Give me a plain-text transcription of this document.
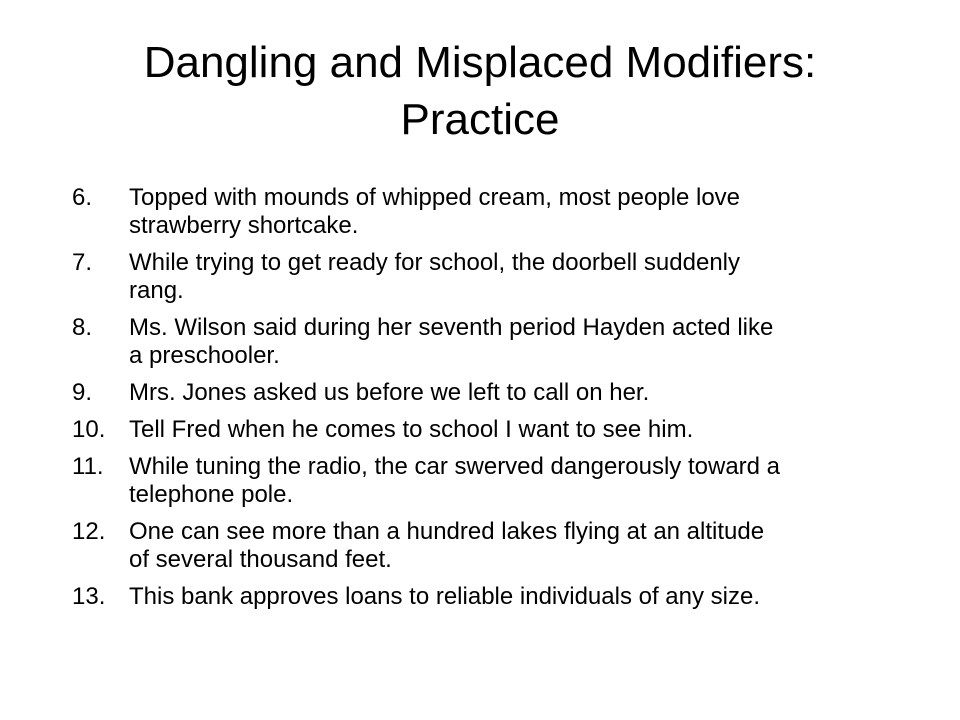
Dangling and Misplaced Modifiers:
Practice
6. Topped with mounds of whipped cream, most people love
strawberry shortcake.
7. While trying to get ready for school, the doorbell suddenly
rang.
8. Ms. Wilson said during her seventh period Hayden acted like
a preschooler.
9. Mrs. Jones asked us before we left to call on her.
10. Tell Fred when he comes to school I want to see him.
11. While tuning the radio, the car swerved dangerously toward a
telephone pole.
12. One can see more than a hundred lakes flying at an altitude
of several thousand feet.
13. This bank approves loans to reliable individuals of any size.
